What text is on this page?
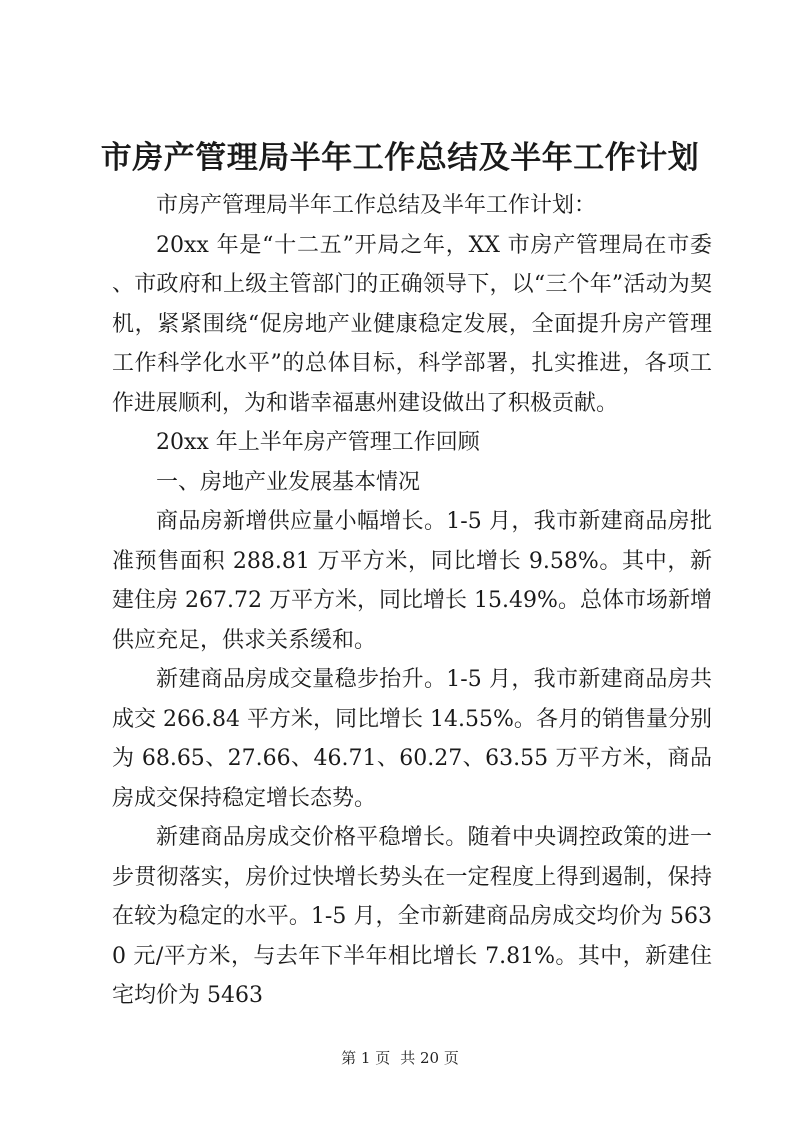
市房产管理局半年工作总结及半年工作计划

市房产管理局半年工作总结及半年工作计划：

20xx 年是“十二五”开局之年，XX 市房产管理局在市委、市政府和上级主管部门的正确领导下，以“三个年”活动为契机，紧紧围绕“促房地产业健康稳定发展，全面提升房产管理工作科学化水平”的总体目标，科学部署，扎实推进，各项工作进展顺利，为和谐幸福惠州建设做出了积极贡献。

20xx 年上半年房产管理工作回顾

一、房地产业发展基本情况

商品房新增供应量小幅增长。1-5 月，我市新建商品房批准预售面积 288.81 万平方米，同比增长 9.58%。其中，新建住房 267.72 万平方米，同比增长 15.49%。总体市场新增供应充足，供求关系缓和。

新建商品房成交量稳步抬升。1-5 月，我市新建商品房共成交 266.84 平方米，同比增长 14.55%。各月的销售量分别为 68.65、27.66、46.71、60.27、63.55 万平方米，商品房成交保持稳定增长态势。

新建商品房成交价格平稳增长。随着中央调控政策的进一步贯彻落实，房价过快增长势头在一定程度上得到遏制，保持在较为稳定的水平。1-5 月，全市新建商品房成交均价为 5630 元/平方米，与去年下半年相比增长 7.81%。其中，新建住宅均价为 5463

第 1 页 共 20 页
